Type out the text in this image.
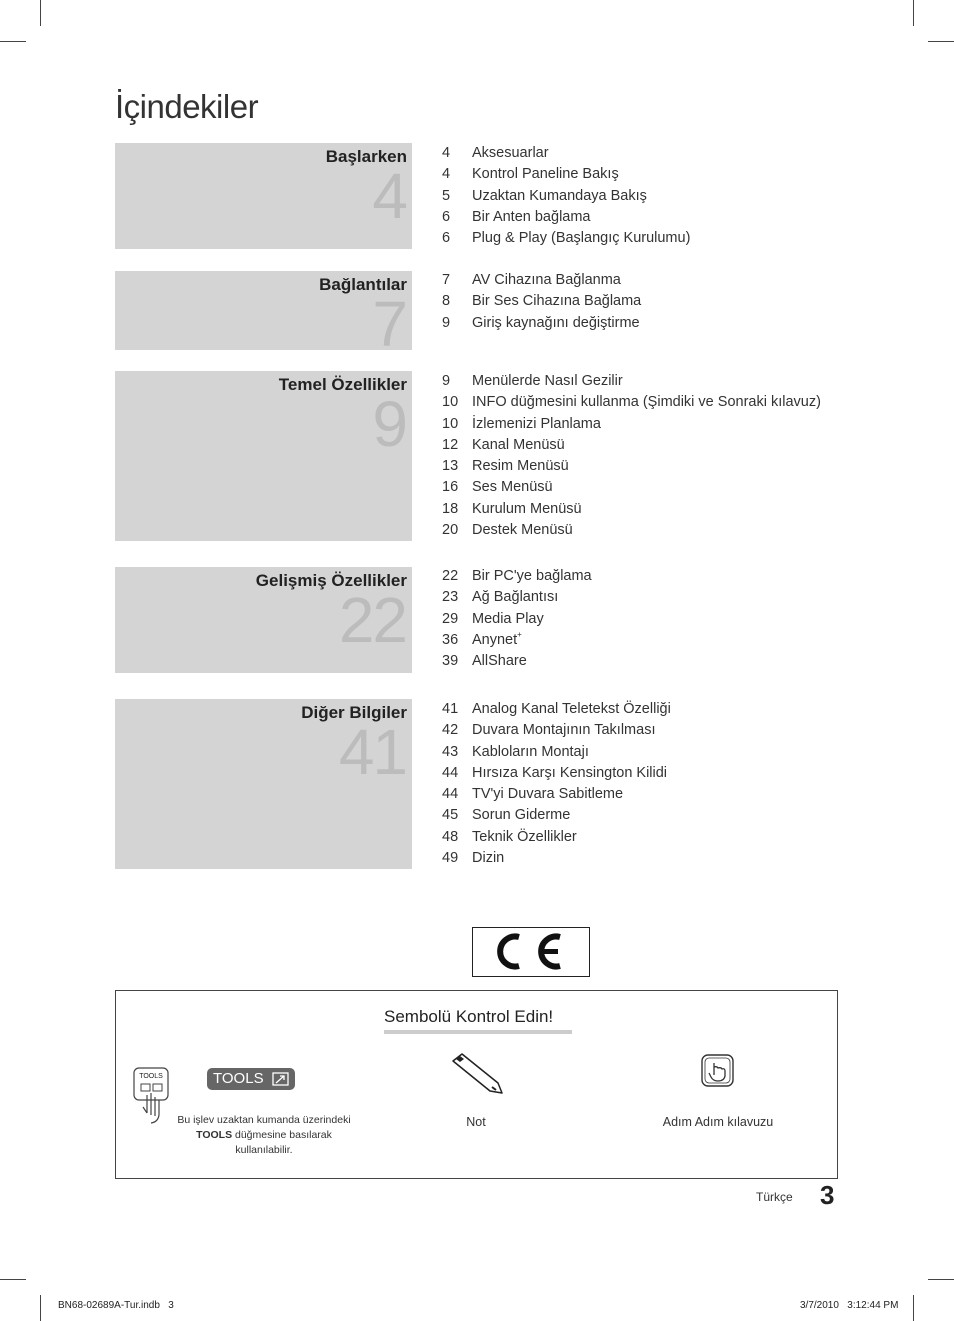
İçindekiler
Başlarken
4
4 Aksesuarlar
4 Kontrol Paneline Bakış
5 Uzaktan Kumandaya Bakış
6 Bir Anten bağlama
6 Plug & Play (Başlangıç Kurulumu)
Bağlantılar
7
7 AV Cihazına Bağlanma
8 Bir Ses Cihazına Bağlama
9 Giriş kaynağını değiştirme
Temel Özellikler
9
9 Menülerde Nasıl Gezilir
10 INFO düğmesini kullanma (Şimdiki ve Sonraki kılavuz)
10 İzlemenizi Planlama
12 Kanal Menüsü
13 Resim Menüsü
16 Ses Menüsü
18 Kurulum Menüsü
20 Destek Menüsü
Gelişmiş Özellikler
22
22 Bir PC'ye bağlama
23 Ağ Bağlantısı
29 Media Play
36 Anynet+
39 AllShare
Diğer Bilgiler
41
41 Analog Kanal Teletekst Özelliği
42 Duvara Montajının Takılması
43 Kabloların Montajı
44 Hırsıza Karşı Kensington Kilidi
44 TV'yi Duvara Sabitleme
45 Sorun Giderme
48 Teknik Özellikler
49 Dizin
Sembolü Kontrol Edin!
TOOLS	TOOLS
Bu işlev uzaktan kumanda üzerindeki
TOOLS düğmesine basılarak
kullanılabilir.
Not	Adım Adım kılavuzu
Türkçe 3
BN68-02689A-Tur.indb   3	3/7/2010   3:12:44 PM
